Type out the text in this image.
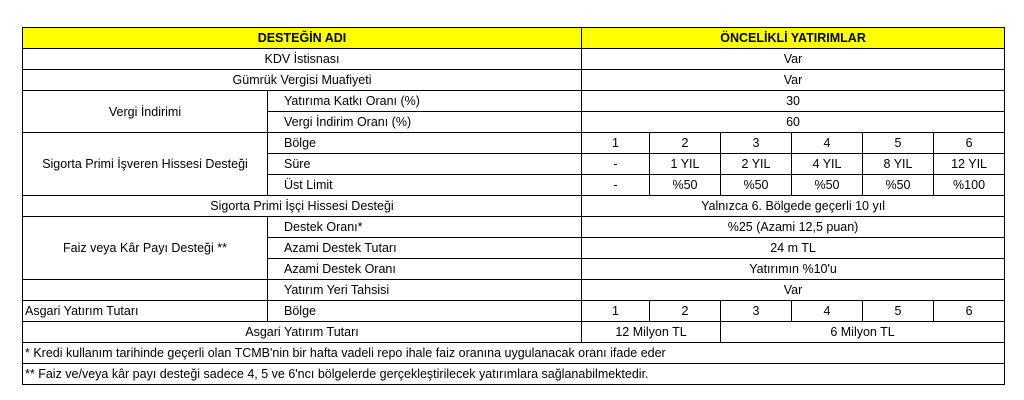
DESTEĞİN ADI		ÖNCELİKLİ YATIRIMLAR					
KDV İstisnası		Var					
Gümrük Vergisi Muafiyeti		Var					
Vergi İndirimi	Yatırıma Katkı Oranı (%)	30					
	Vergi İndirim Oranı (%)	60					
Sigorta Primi İşveren Hissesi Desteği	Bölge	1	2	3	4	5	6
	Süre	-	1 YIL	2 YIL	4 YIL	8 YIL	12 YIL
	Üst Limit	-	%50	%50	%50	%50	%100
Sigorta Primi İşçi Hissesi Desteği		Yalnızca 6. Bölgede geçerli 10 yıl					
Faiz veya Kâr Payı Desteği **	Destek Oranı*	%25 (Azami 12,5 puan)					
	Azami Destek Tutarı	24 m TL					
	Azami Destek Oranı	Yatırımın %10'u					
	Yatırım Yeri Tahsisi	Var					
Asgari Yatırım Tutarı	Bölge	1	2	3	4	5	6
Asgari Yatırım Tutarı		12 Milyon TL		6 Milyon TL			
* Kredi kullanım tarihinde geçerli olan TCMB'nin bir hafta vadeli repo ihale faiz oranına uygulanacak oranı ifade eder							
** Faiz ve/veya kâr payı desteği sadece 4, 5 ve 6'ncı bölgelerde gerçekleştirilecek yatırımlara sağlanabilmektedir.							
